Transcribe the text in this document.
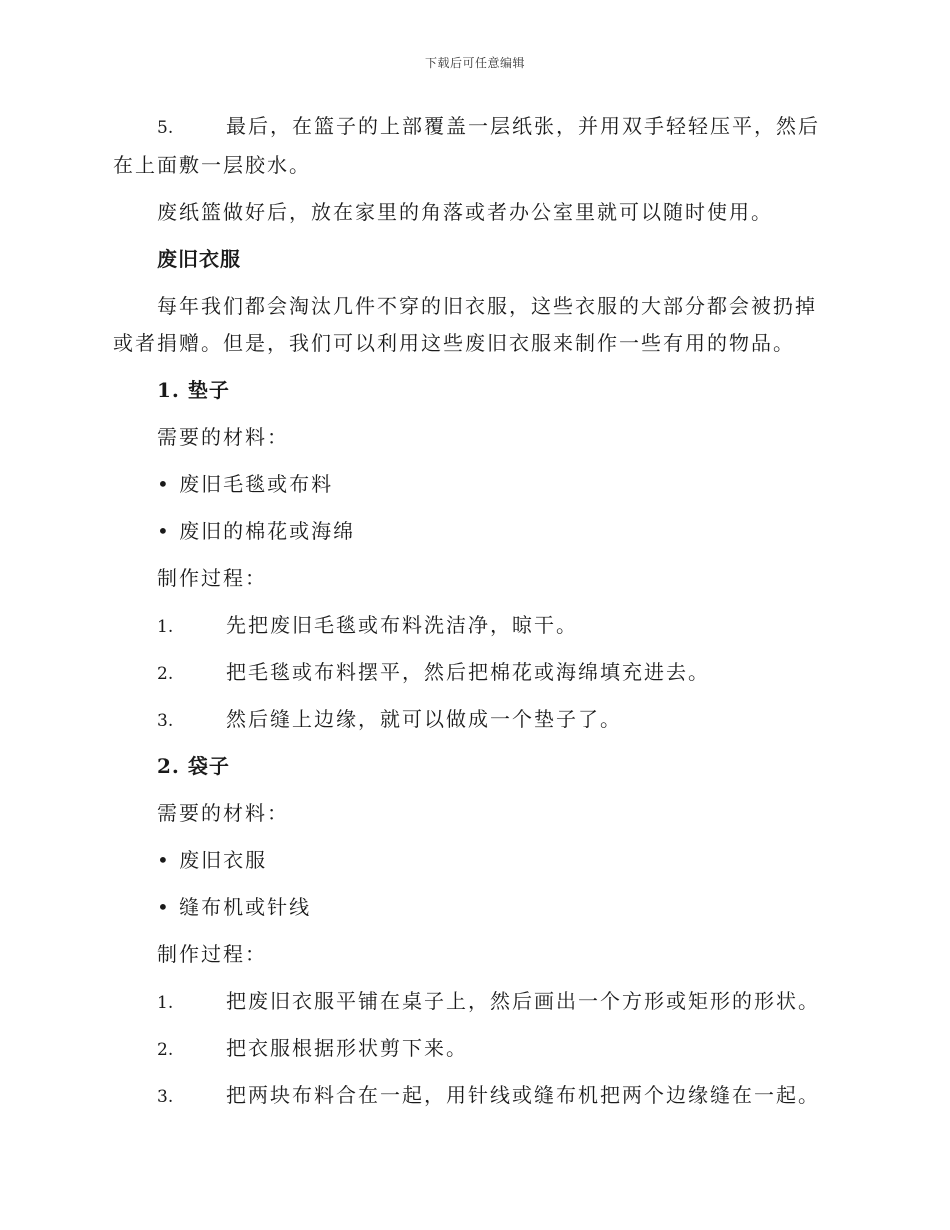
下载后可任意编辑

5.	最后，在篮子的上部覆盖一层纸张，并用双手轻轻压平，然后在上面敷一层胶水。

废纸篮做好后，放在家里的角落或者办公室里就可以随时使用。

废旧衣服

每年我们都会淘汰几件不穿的旧衣服，这些衣服的大部分都会被扔掉或者捐赠。但是，我们可以利用这些废旧衣服来制作一些有用的物品。

1. 垫子
需要的材料：
• 废旧毛毯或布料
• 废旧的棉花或海绵
制作过程：
1.	先把废旧毛毯或布料洗洁净，晾干。
2.	把毛毯或布料摆平，然后把棉花或海绵填充进去。
3.	然后缝上边缘，就可以做成一个垫子了。
2. 袋子
需要的材料：
• 废旧衣服
• 缝布机或针线
制作过程：
1.	把废旧衣服平铺在桌子上，然后画出一个方形或矩形的形状。
2.	把衣服根据形状剪下来。
3.	把两块布料合在一起，用针线或缝布机把两个边缘缝在一起。
